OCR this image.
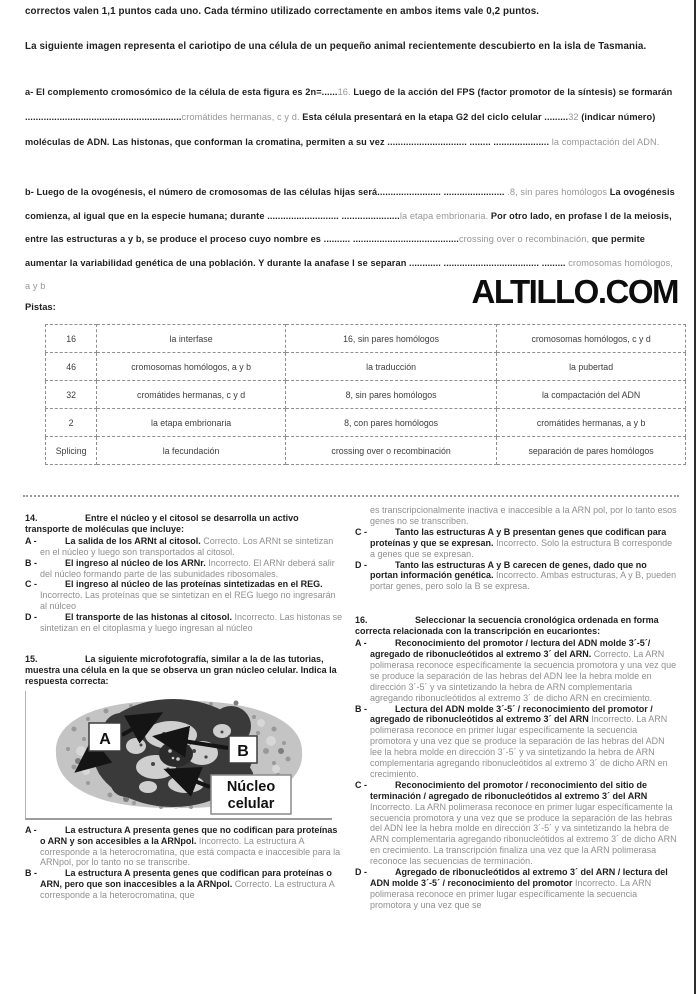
correctos valen 1,1 puntos cada uno. Cada término utilizado correctamente en ambos items vale 0,2 puntos.
La siguiente imagen representa el cariotipo de una célula de un pequeño animal recientemente descubierto en la isla de Tasmania.
a- El complemento cromosómico de la célula de esta figura es 2n=......16. Luego de la acción del FPS (factor promotor de la síntesis) se formarán ...........................................................cromátides hermanas, c y d. Esta célula presentará en la etapa G2 del ciclo celular .........32 (indicar número) moléculas de ADN. Las histonas, que conforman la cromatina, permiten a su vez .............................. ........ ..................... la compactación del ADN.
b- Luego de la ovogénesis, el número de cromosomas de las células hijas será........................ ....................... .8, sin pares homólogos La ovogénesis comienza, al igual que en la especie humana; durante ........................... ......................la etapa embrionaria. Por otro lado, en profase I de la meiosis, entre las estructuras a y b, se produce el proceso cuyo nombre es .......... ........................................crossing over o recombinación, que permite aumentar la variabilidad genética de una población. Y durante la anafase I se separan ............ .................................... ......... cromosomas homólogos, a y b	ALTILLO.COM
Pistas:
16	la interfase	16, sin pares homólogos	cromosomas homólogos, c y d
46	cromosomas homólogos, a y b	la traducción	la pubertad
32	cromátides hermanas, c y d	8, sin pares homólogos	la compactación del ADN
2	la etapa embrionaria	8, con pares homólogos	cromátides hermanas, a y b
Splicing	la fecundación	crossing over o recombinación	separación de pares homólogos

14.	Entre el núcleo y el citosol se desarrolla un activo transporte de moléculas que incluye:

A -	La salida de los ARNt al citosol. Correcto. Los ARNt se sintetizan en el núcleo y luego son transportados al citosol.

B -	El ingreso al núcleo de los ARNr. Incorrecto. El ARNr deberá salir del núcleo formando parte de las subunidades ribosomales.

C -	El ingreso al núcleo de las proteínas sintetizadas en el REG. Incorrecto. Las proteínas que se sintetizan en el REG luego no ingresarán al núlceo

D -	El transporte de las histonas al citosol. Incorrecto. Las histonas se sintetizan en el citoplasma y luego ingresan al núcleo

15.	La siguiente microfotografía, similar a la de las tutorias, muestra una célula en la que se observa un gran núcleo celular. Indica la respuesta correcta:

A
B
Núcleo
celular

A -	La estructura A presenta genes que no codifican para proteínas o ARN y son accesibles a la ARNpol. Incorrecto. La estructura A corresponde a la heterocromatina, que está compacta e inaccesible para la ARNpol, por lo tanto no se transcribe.

B -	La estructura A presenta genes que codifican para proteínas o ARN, pero que son inaccesibles a la ARNpol. Correcto. La estructura A corresponde a la heterocromatina, que

es transcripcionalmente inactiva e inaccesible a la ARN pol, por lo tanto esos genes no se transcriben.

C -	Tanto las estructuras A y B presentan genes que codifican para proteínas y que se expresan. Incorrecto. Solo la estructura B corresponde a genes que se expresan.

D -	Tanto las estructuras A y B carecen de genes, dado que no portan información genética. Incorrecto. Ambas estructuras, A y B, pueden portar genes, pero solo la B se expresa.

16.	Seleccionar la secuencia cronológica ordenada en forma correcta relacionada con la transcripción en eucariontes:

A -	Reconocimiento del promotor / lectura del ADN molde 3´-5´/ agregado de ribonucleótidos al extremo 3´ del ARN. Correcto. La ARN polimerasa reconoce específicamente la secuencia promotora y una vez que se produce la separación de las hebras del ADN lee la hebra molde en dirección 3´-5´ y va sintetizando la hebra de ARN complementaria agregando ribonucleótidos al extremo 3´ de dicho ARN en crecimiento.

B -	Lectura del ADN molde 3´-5´ / reconocimiento del promotor / agregado de ribonucleótidos al extremo 3´ del ARN Incorrecto. La ARN polimerasa reconoce en primer lugar específicamente la secuencia promotora y una vez que se produce la separación de las hebras del ADN lee la hebra molde en dirección 3´-5´ y va sintetizando la hebra de ARN complementaria agregando ribonucleótidos al extremo 3´ de dicho ARN en crecimiento.

C -	Reconocimiento del promotor / reconocimiento del sitio de terminación / agregado de ribonucleótidos al extremo 3´ del ARN Incorrecto. La ARN polimerasa reconoce en primer lugar específicamente la secuencia promotora y una vez que se produce la separación de las hebras del ADN lee la hebra molde en dirección 3´-5´ y va sintetizando la hebra de ARN complementaria agregando ribonucleótidos al extremo 3´ de dicho ARN en crecimiento. La transcripción finaliza una vez que la ARN polimerasa reconoce las secuencias de terminación.

D -	Agregado de ribonucleótidos al extremo 3´ del ARN / lectura del ADN molde 3´-5´ / reconocimiento del promotor Incorrecto. La ARN polimerasa reconoce en primer lugar específicamente la secuencia promotora y una vez que se
